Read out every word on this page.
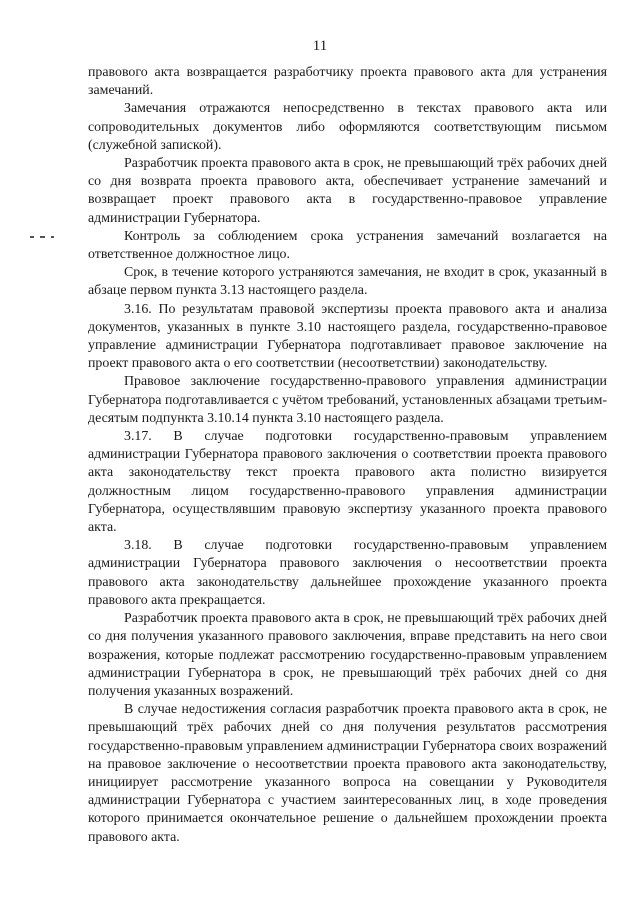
11

правового акта возвращается разработчику проекта правового акта для устранения замечаний.

Замечания отражаются непосредственно в текстах правового акта или сопроводительных документов либо оформляются соответствующим письмом (служебной запиской).

Разработчик проекта правового акта в срок, не превышающий трёх рабочих дней со дня возврата проекта правового акта, обеспечивает устранение замечаний и возвращает проект правового акта в государственно-правовое управление администрации Губернатора.

Контроль за соблюдением срока устранения замечаний возлагается на ответственное должностное лицо.

Срок, в течение которого устраняются замечания, не входит в срок, указанный в абзаце первом пункта 3.13 настоящего раздела.

3.16. По результатам правовой экспертизы проекта правового акта и анализа документов, указанных в пункте 3.10 настоящего раздела, государственно-правовое управление администрации Губернатора подготавливает правовое заключение на проект правового акта о его соответствии (несоответствии) законодательству.

Правовое заключение государственно-правового управления администрации Губернатора подготавливается с учётом требований, установленных абзацами третьим-десятым подпункта 3.10.14 пункта 3.10 настоящего раздела.

3.17. В случае подготовки государственно-правовым управлением администрации Губернатора правового заключения о соответствии проекта правового акта законодательству текст проекта правового акта полистно визируется должностным лицом государственно-правового управления администрации Губернатора, осуществлявшим правовую экспертизу указанного проекта правового акта.

3.18. В случае подготовки государственно-правовым управлением администрации Губернатора правового заключения о несоответствии проекта правового акта законодательству дальнейшее прохождение указанного проекта правового акта прекращается.

Разработчик проекта правового акта в срок, не превышающий трёх рабочих дней со дня получения указанного правового заключения, вправе представить на него свои возражения, которые подлежат рассмотрению государственно-правовым управлением администрации Губернатора в срок, не превышающий трёх рабочих дней со дня получения указанных возражений.

В случае недостижения согласия разработчик проекта правового акта в срок, не превышающий трёх рабочих дней со дня получения результатов рассмотрения государственно-правовым управлением администрации Губернатора своих возражений на правовое заключение о несоответствии проекта правового акта законодательству, инициирует рассмотрение указанного вопроса на совещании у Руководителя администрации Губернатора с участием заинтересованных лиц, в ходе проведения которого принимается окончательное решение о дальнейшем прохождении проекта правового акта.
